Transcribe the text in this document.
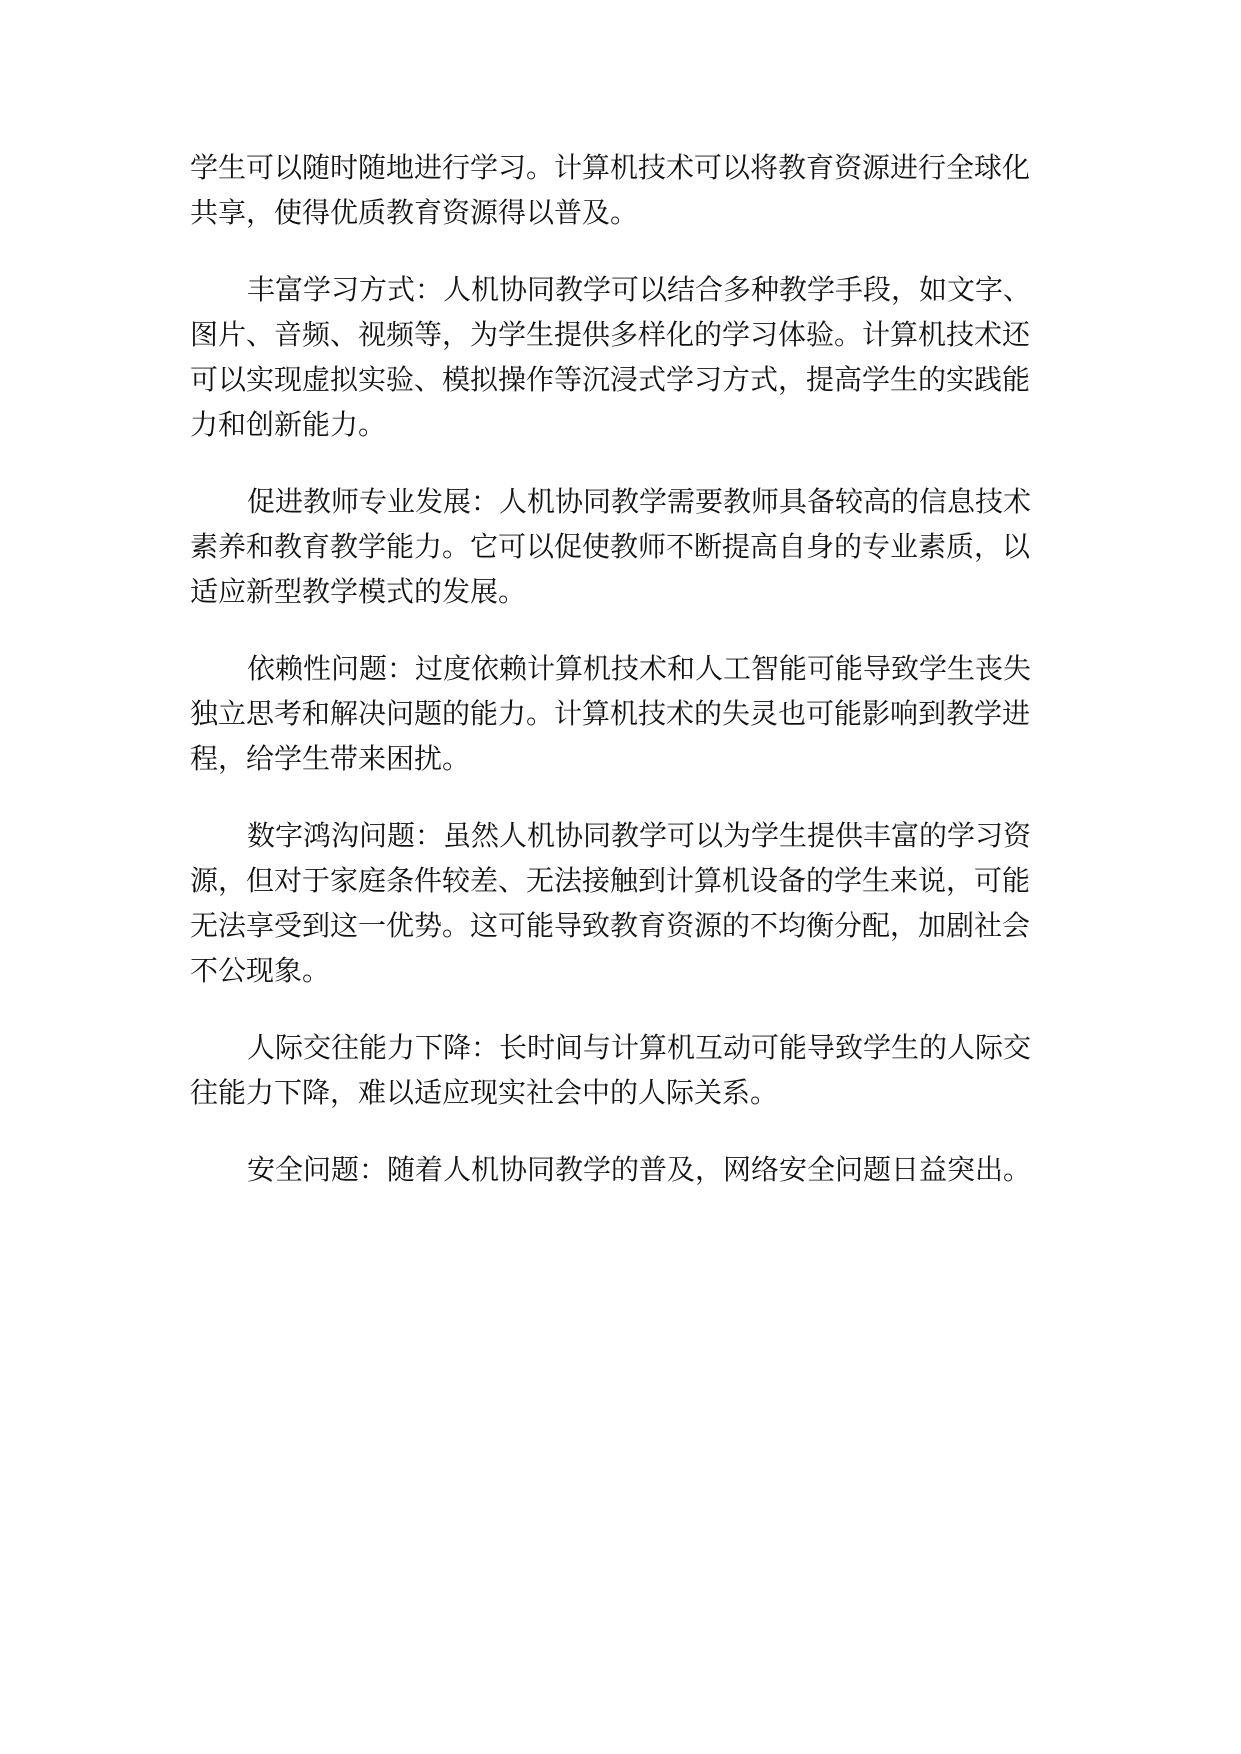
学生可以随时随地进行学习。计算机技术可以将教育资源进行全球化
共享，使得优质教育资源得以普及。
丰富学习方式：人机协同教学可以结合多种教学手段，如文字、
图片、音频、视频等，为学生提供多样化的学习体验。计算机技术还
可以实现虚拟实验、模拟操作等沉浸式学习方式，提高学生的实践能
力和创新能力。
促进教师专业发展：人机协同教学需要教师具备较高的信息技术
素养和教育教学能力。它可以促使教师不断提高自身的专业素质，以
适应新型教学模式的发展。
依赖性问题：过度依赖计算机技术和人工智能可能导致学生丧失
独立思考和解决问题的能力。计算机技术的失灵也可能影响到教学进
程，给学生带来困扰。
数字鸿沟问题：虽然人机协同教学可以为学生提供丰富的学习资
源，但对于家庭条件较差、无法接触到计算机设备的学生来说，可能
无法享受到这一优势。这可能导致教育资源的不均衡分配，加剧社会
不公现象。
人际交往能力下降：长时间与计算机互动可能导致学生的人际交
往能力下降，难以适应现实社会中的人际关系。
安全问题：随着人机协同教学的普及，网络安全问题日益突出。
